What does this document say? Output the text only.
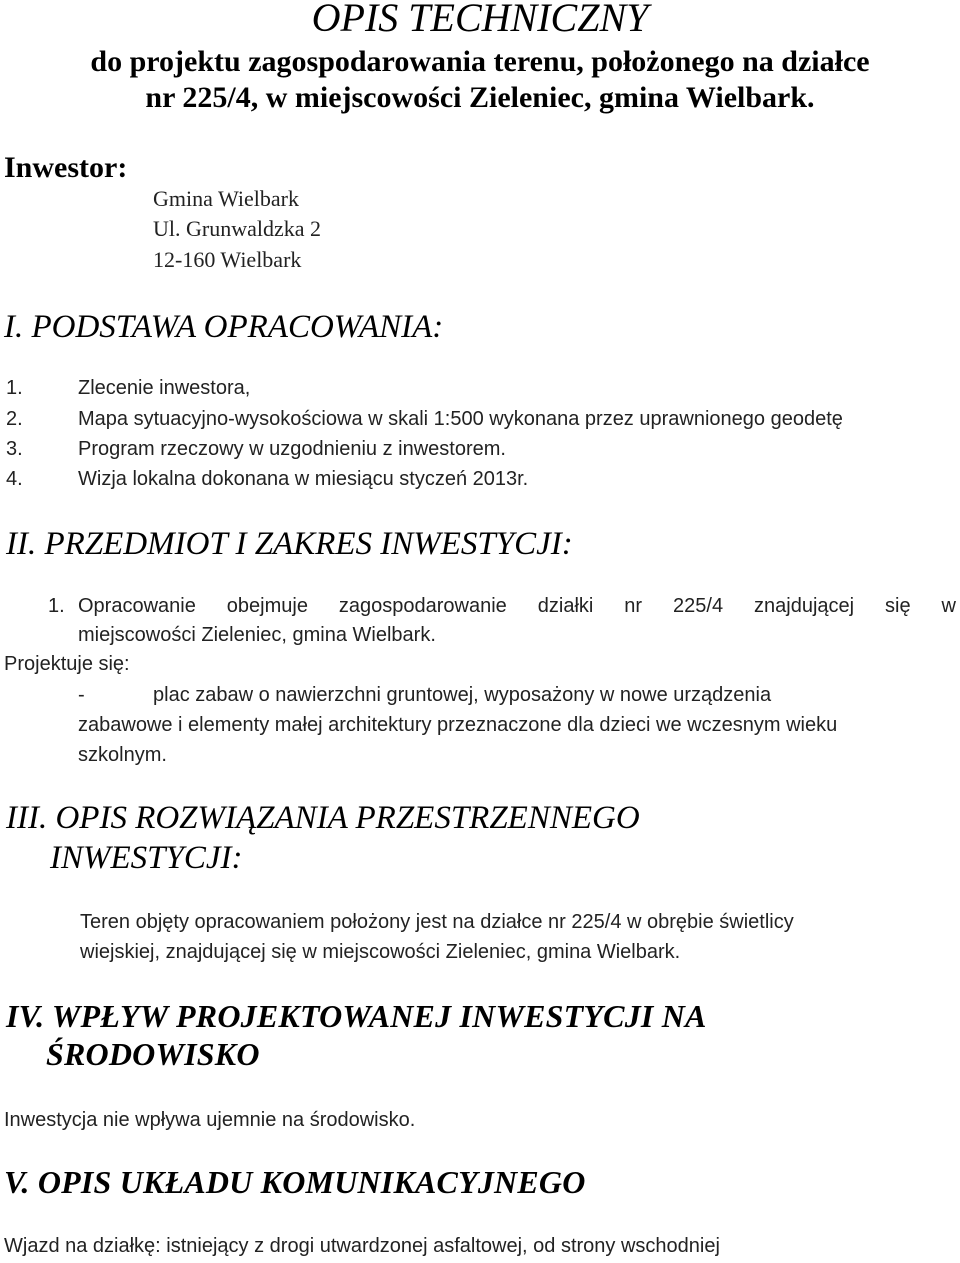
OPIS TECHNICZNY
do projektu zagospodarowania terenu, położonego na działce
nr 225/4, w miejscowości Zieleniec, gmina Wielbark.
Inwestor:
Gmina Wielbark
Ul. Grunwaldzka 2
12-160 Wielbark
I. PODSTAWA OPRACOWANIA:
1.	Zlecenie inwestora,
2.	Mapa sytuacyjno-wysokościowa w skali 1:500 wykonana przez uprawnionego geodetę
3.	Program rzeczowy w uzgodnieniu z inwestorem.
4.	Wizja lokalna dokonana w miesiącu styczeń 2013r.
II. PRZEDMIOT I ZAKRES INWESTYCJI:
1. Opracowanie obejmuje zagospodarowanie działki nr 225/4 znajdującej się w
miejscowości Zieleniec, gmina Wielbark.
Projektuje się:
-	plac zabaw o nawierzchni gruntowej, wyposażony w nowe urządzenia
zabawowe i elementy małej architektury przeznaczone dla dzieci we wczesnym wieku
szkolnym.
III. OPIS ROZWIĄZANIA PRZESTRZENNEGO
INWESTYCJI:
Teren objęty opracowaniem położony jest na działce nr 225/4 w obrębie świetlicy
wiejskiej, znajdującej się w miejscowości Zieleniec, gmina Wielbark.
IV. WPŁYW PROJEKTOWANEJ INWESTYCJI NA
ŚRODOWISKO
Inwestycja nie wpływa ujemnie na środowisko.
V. OPIS UKŁADU KOMUNIKACYJNEGO
Wjazd na działkę: istniejący z drogi utwardzonej asfaltowej, od strony wschodniej
